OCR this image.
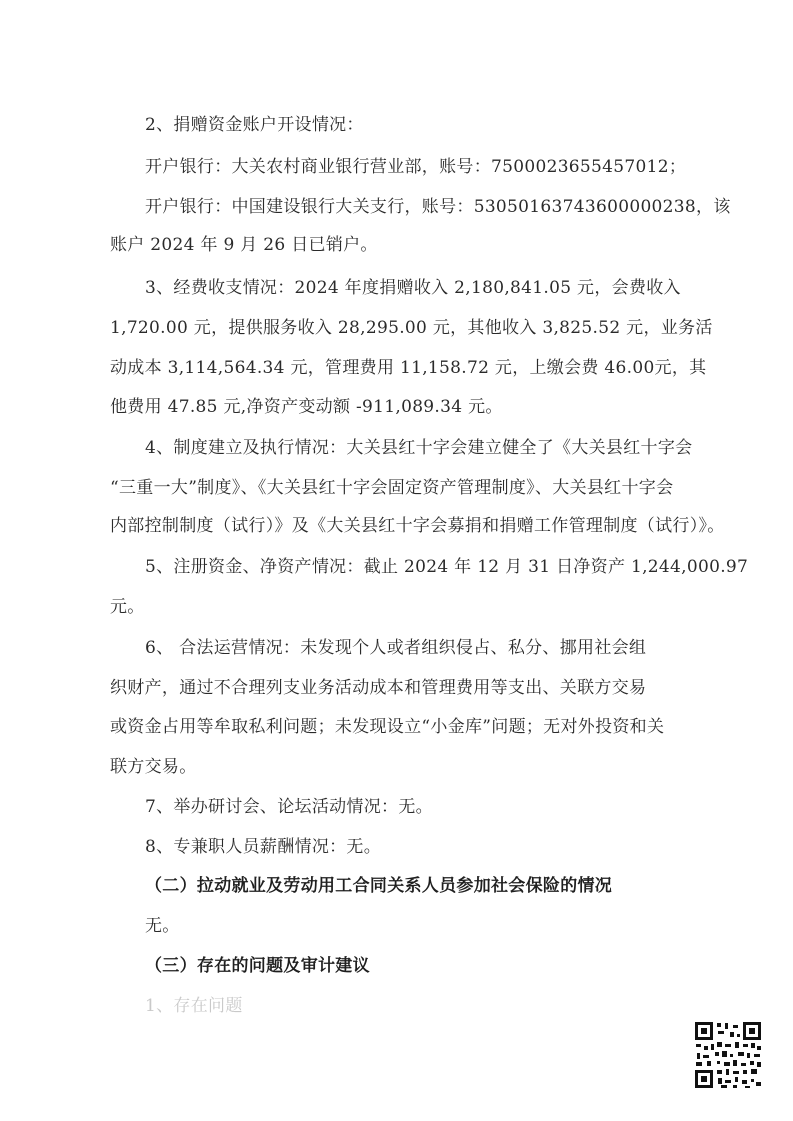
2、捐赠资金账户开设情况：
开户银行：大关农村商业银行营业部，账号：7500023655457012；
开户银行：中国建设银行大关支行，账号：53050163743600000238，该
账户 2024 年 9 月 26 日已销户。
3、经费收支情况：2024 年度捐赠收入 2,180,841.05 元，会费收入
1,720.00 元，提供服务收入 28,295.00 元，其他收入 3,825.52 元，业务活
动成本 3,114,564.34 元，管理费用 11,158.72 元，上缴会费 46.00元，其
他费用 47.85 元,净资产变动额 -911,089.34 元。
4、制度建立及执行情况：大关县红十字会建立健全了《大关县红十字会
“三重一大”制度》、《大关县红十字会固定资产管理制度》、大关县红十字会
内部控制制度（试行）》及《大关县红十字会募捐和捐赠工作管理制度（试行）》。
5、注册资金、净资产情况：截止 2024 年 12 月 31 日净资产 1,244,000.97
元。
6、 合法运营情况：未发现个人或者组织侵占、私分、挪用社会组
织财产，通过不合理列支业务活动成本和管理费用等支出、关联方交易
或资金占用等牟取私利问题；未发现设立“小金库”问题；无对外投资和关
联方交易。
7、举办研讨会、论坛活动情况：无。
8、专兼职人员薪酬情况：无。
（二）拉动就业及劳动用工合同关系人员参加社会保险的情况
无。
（三）存在的问题及审计建议
1、存在问题
